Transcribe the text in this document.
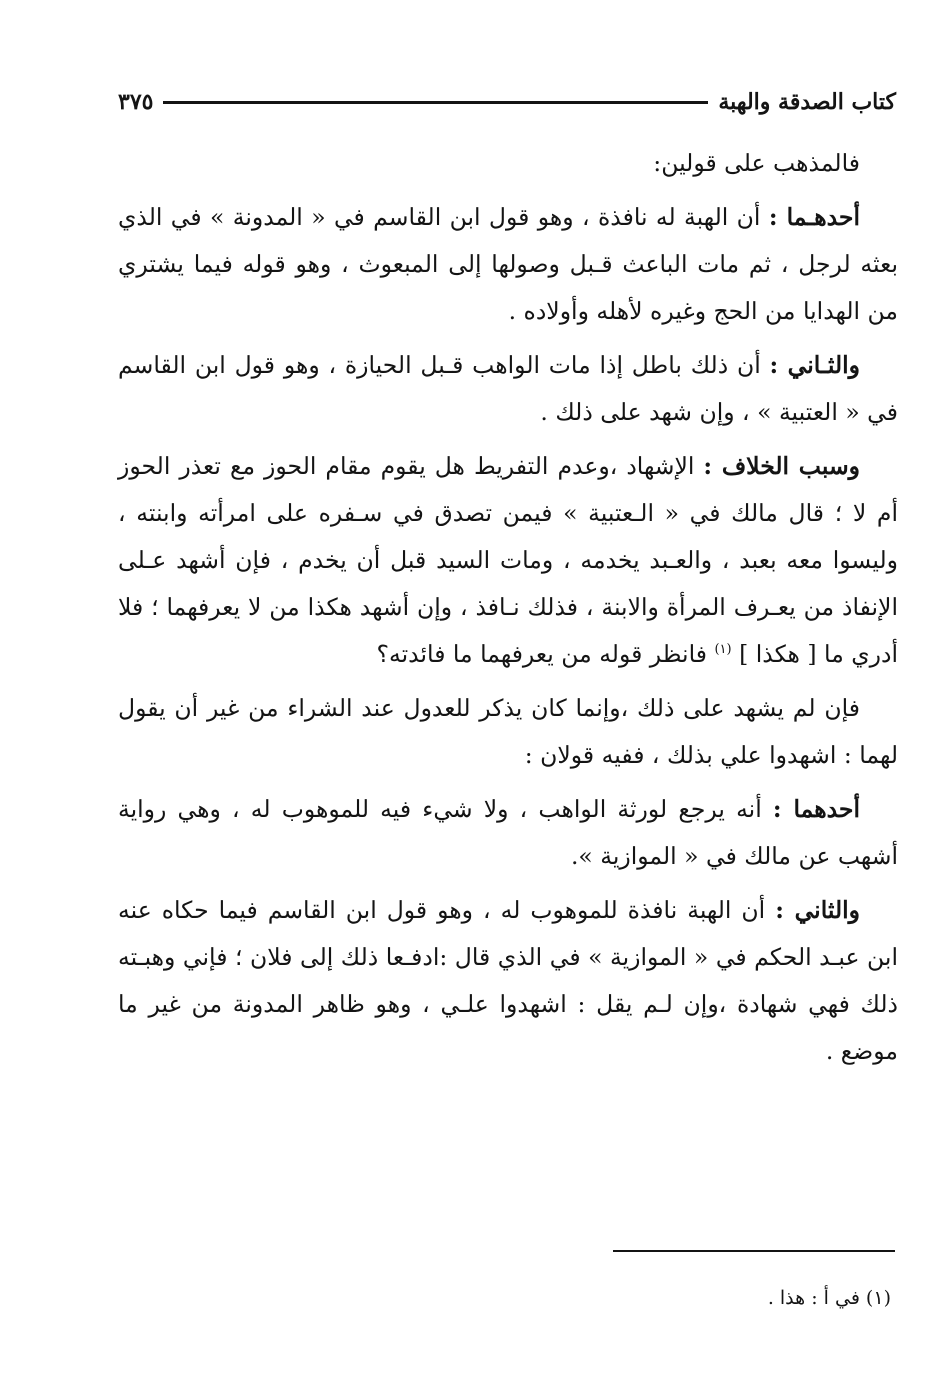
كتاب الصدقة والهبة
٣٧٥

فالمذهب على قولين:

أحدهـما : أن الهبة له نافذة ، وهو قول ابن القاسم في « المدونة » في الذي بعثه لرجل ، ثم مات الباعث قـبل وصولها إلى المبعوث ، وهو قوله فيما يشتري من الهدايا من الحج وغيره لأهله وأولاده .

والثـاني : أن ذلك باطل إذا مات الواهب قـبل الحيازة ، وهو قول ابن القاسم في « العتبية » ، وإن شهد على ذلك .

وسبب الخلاف : الإشهاد ،وعدم التفريط هل يقوم مقام الحوز مع تعذر الحوز أم لا ؛ قال مالك في « الـعتبية » فيمن تصدق في سـفره على امرأته وابنته ، وليسوا معه بعبد ، والعـبد يخدمه ، ومات السيد قبل أن يخدم ، فإن أشهد عـلى الإنفاذ من يعـرف المرأة والابنة ، فذلك نـافذ ، وإن أشهد هكذا من لا يعرفهما ؛ فلا أدري ما [ هكذا ] $^{(١)}$ فانظر قوله من يعرفهما ما فائدته؟

فإن لم يشهد على ذلك ،وإنما كان يذكر للعدول عند الشراء من غير أن يقول لهما : اشهدوا علي بذلك ، ففيه قولان :

أحدهما : أنه يرجع لورثة الواهب ، ولا شيء فيه للموهوب له ، وهي رواية أشهب عن مالك في « الموازية ».

والثاني : أن الهبة نافذة للموهوب له ، وهو قول ابن القاسم فيما حكاه عنه ابن عبـد الحكم في « الموازية » في الذي قال :ادفـعا ذلك إلى فلان ؛ فإني وهبـته ذلك فهي شهادة ،وإن لـم يقل : اشهدوا علـي ، وهو ظاهر المدونة من غير ما موضع .

(١) في أ : هذا .
